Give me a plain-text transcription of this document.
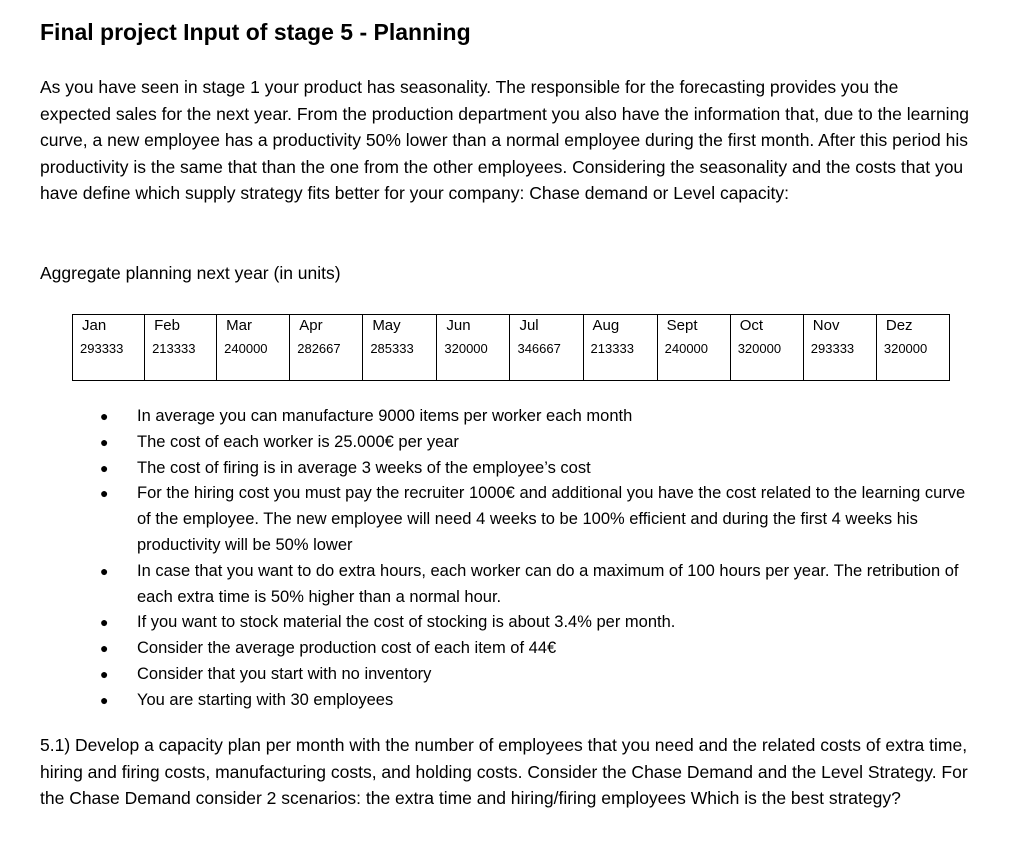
Final project Input of stage 5 - Planning

As you have seen in stage 1 your product has seasonality. The responsible for the forecasting provides you the expected sales for the next year. From the production department you also have the information that, due to the learning curve, a new employee has a productivity 50% lower than a normal employee during the first month. After this period his productivity is the same that than the one from the other employees. Considering the seasonality and the costs that you have define which supply strategy fits better for your company: Chase demand or Level capacity:

Aggregate planning next year (in units)

Jan	Feb	Mar	Apr	May	Jun	Jul	Aug	Sept	Oct	Nov	Dez
293333	213333	240000	282667	285333	320000	346667	213333	240000	320000	293333	320000
● In average you can manufacture 9000 items per worker each month
● The cost of each worker is 25.000€ per year
● The cost of firing is in average 3 weeks of the employee’s cost
● For the hiring cost you must pay the recruiter 1000€ and additional you have the cost related to the learning curve of the employee. The new employee will need 4 weeks to be 100% efficient and during the first 4 weeks his productivity will be 50% lower
● In case that you want to do extra hours, each worker can do a maximum of 100 hours per year. The retribution of each extra time is 50% higher than a normal hour.
● If you want to stock material the cost of stocking is about 3.4% per month.
● Consider the average production cost of each item of 44€
● Consider that you start with no inventory
● You are starting with 30 employees

5.1) Develop a capacity plan per month with the number of employees that you need and the related costs of extra time, hiring and firing costs, manufacturing costs, and holding costs. Consider the Chase Demand and the Level Strategy. For the Chase Demand consider 2 scenarios: the extra time and hiring/firing employees Which is the best strategy?
